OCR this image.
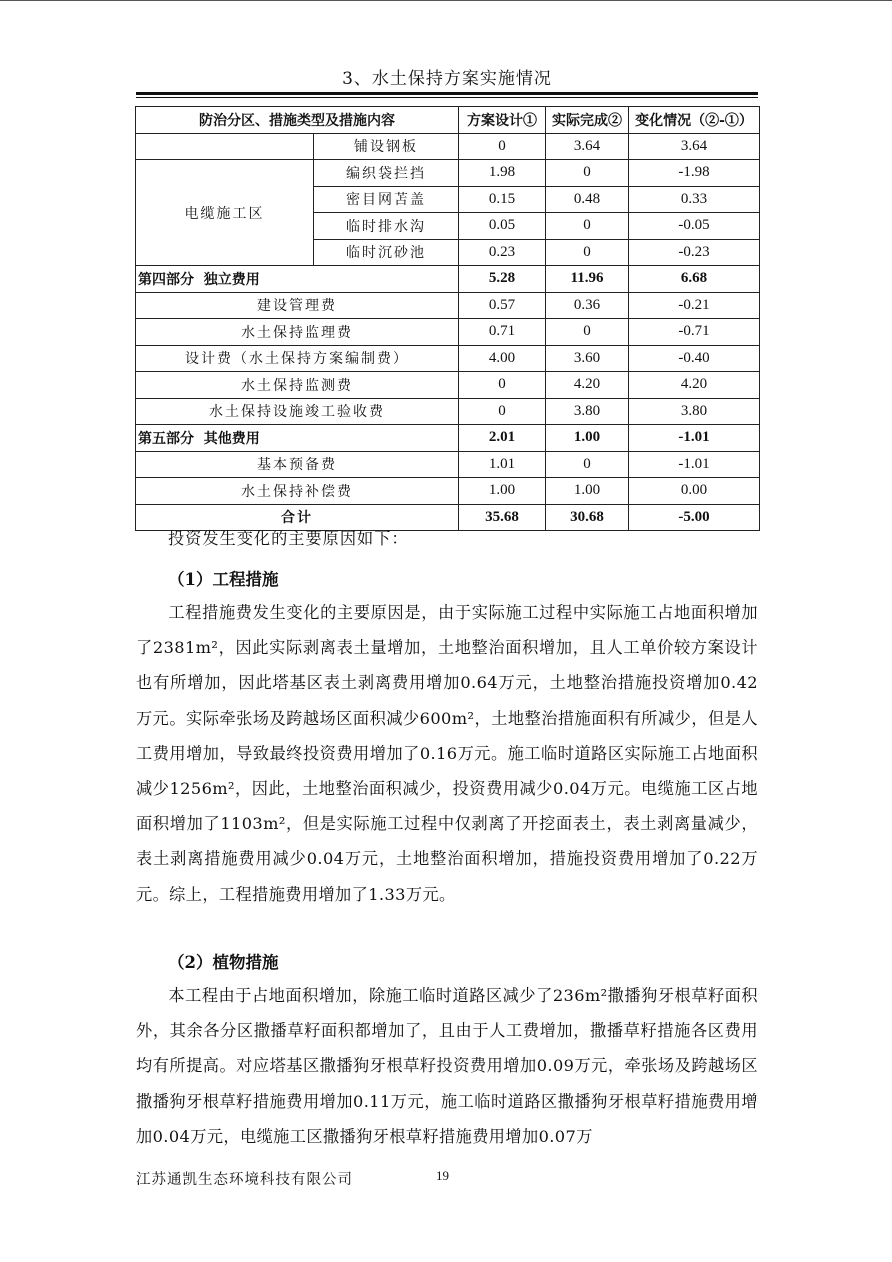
3、水土保持方案实施情况
防治分区、措施类型及措施内容		方案设计①	实际完成②	变化情况（②-①）
	铺设钢板	0	3.64	3.64
电缆施工区	编织袋拦挡	1.98	0	-1.98
	密目网苫盖	0.15	0.48	0.33
	临时排水沟	0.05	0	-0.05
	临时沉砂池	0.23	0	-0.23
第四部分  独立费用		5.28	11.96	6.68
建设管理费		0.57	0.36	-0.21
水土保持监理费		0.71	0	-0.71
设计费（水土保持方案编制费）		4.00	3.60	-0.40
水土保持监测费		0	4.20	4.20
水土保持设施竣工验收费		0	3.80	3.80
第五部分  其他费用		2.01	1.00	-1.01
基本预备费		1.01	0	-1.01
水土保持补偿费		1.00	1.00	0.00
合计		35.68	30.68	-5.00
投资发生变化的主要原因如下：
（1）工程措施
工程措施费发生变化的主要原因是，由于实际施工过程中实际施工占地面积增加了2381m²，因此实际剥离表土量增加，土地整治面积增加，且人工单价较方案设计也有所增加，因此塔基区表土剥离费用增加0.64万元，土地整治措施投资增加0.42万元。实际牵张场及跨越场区面积减少600m²，土地整治措施面积有所减少，但是人工费用增加，导致最终投资费用增加了0.16万元。施工临时道路区实际施工占地面积减少1256m²，因此，土地整治面积减少，投资费用减少0.04万元。电缆施工区占地面积增加了1103m²，但是实际施工过程中仅剥离了开挖面表土，表土剥离量减少，表土剥离措施费用减少0.04万元，土地整治面积增加，措施投资费用增加了0.22万元。综上，工程措施费用增加了1.33万元。
（2）植物措施
本工程由于占地面积增加，除施工临时道路区减少了236m²撒播狗牙根草籽面积外，其余各分区撒播草籽面积都增加了，且由于人工费增加，撒播草籽措施各区费用均有所提高。对应塔基区撒播狗牙根草籽投资费用增加0.09万元，牵张场及跨越场区撒播狗牙根草籽措施费用增加0.11万元，施工临时道路区撒播狗牙根草籽措施费用增加0.04万元，电缆施工区撒播狗牙根草籽措施费用增加0.07万
江苏通凯生态环境科技有限公司	19
